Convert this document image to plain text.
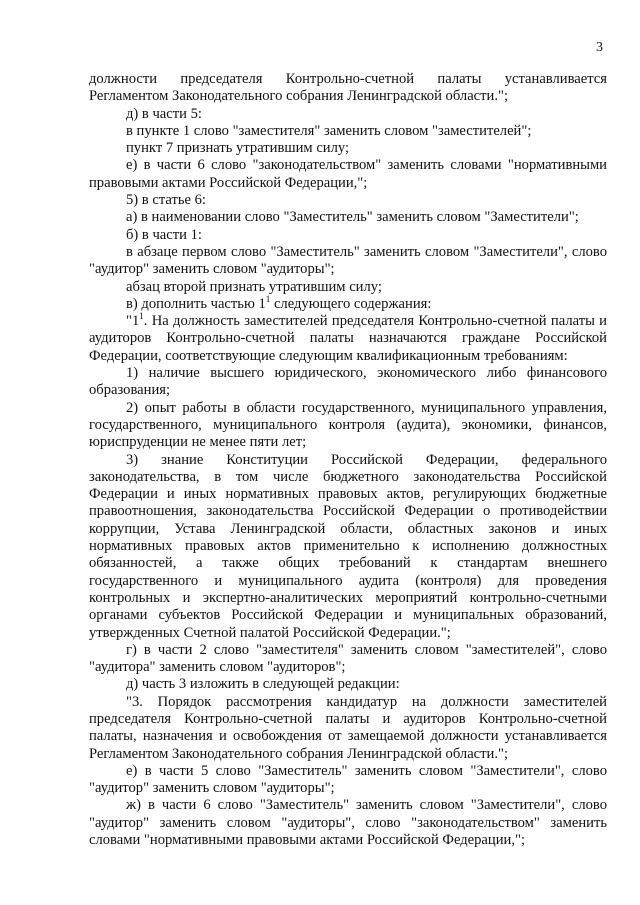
3

должности председателя Контрольно-счетной палаты устанавливается Регламентом Законодательного собрания Ленинградской области.";

д) в части 5:

в пункте 1 слово "заместителя" заменить словом "заместителей";

пункт 7 признать утратившим силу;

е) в части 6 слово "законодательством" заменить словами "нормативными правовыми актами Российской Федерации,";

5) в статье 6:

а) в наименовании слово "Заместитель" заменить словом "Заместители";

б) в части 1:

в абзаце первом слово "Заместитель" заменить словом "Заместители", слово "аудитор" заменить словом "аудиторы";

абзац второй признать утратившим силу;

в) дополнить частью $1^1$ следующего содержания:

"$1^1$. На должность заместителей председателя Контрольно-счетной палаты и аудиторов Контрольно-счетной палаты назначаются граждане Российской Федерации, соответствующие следующим квалификационным требованиям:

1) наличие высшего юридического, экономического либо финансового образования;

2) опыт работы в области государственного, муниципального управления, государственного, муниципального контроля (аудита), экономики, финансов, юриспруденции не менее пяти лет;

3) знание Конституции Российской Федерации, федерального законодательства, в том числе бюджетного законодательства Российской Федерации и иных нормативных правовых актов, регулирующих бюджетные правоотношения, законодательства Российской Федерации о противодействии коррупции, Устава Ленинградской области, областных законов и иных нормативных правовых актов применительно к исполнению должностных обязанностей, а также общих требований к стандартам внешнего государственного и муниципального аудита (контроля) для проведения контрольных и экспертно-аналитических мероприятий контрольно-счетными органами субъектов Российской Федерации и муниципальных образований, утвержденных Счетной палатой Российской Федерации.";

г) в части 2 слово "заместителя" заменить словом "заместителей", слово "аудитора" заменить словом "аудиторов";

д) часть 3 изложить в следующей редакции:

"3. Порядок рассмотрения кандидатур на должности заместителей председателя Контрольно-счетной палаты и аудиторов Контрольно-счетной палаты, назначения и освобождения от замещаемой должности устанавливается Регламентом Законодательного собрания Ленинградской области.";

е) в части 5 слово "Заместитель" заменить словом "Заместители", слово "аудитор" заменить словом "аудиторы";

ж) в части 6 слово "Заместитель" заменить словом "Заместители", слово "аудитор" заменить словом "аудиторы", слово "законодательством" заменить словами "нормативными правовыми актами Российской Федерации,";
